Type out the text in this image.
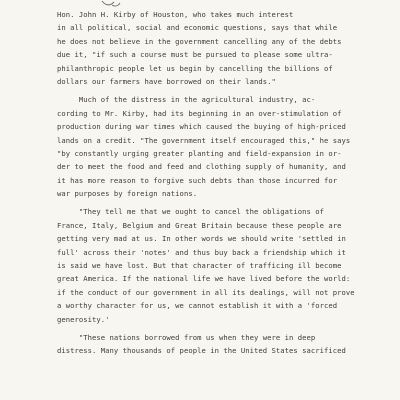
Hon. John H. Kirby of Houston, who takes much interest
in all political, social and economic questions, says that while
he does not believe in the government cancelling any of the debts
due it, "if such a course must be pursued to please some ultra-
philanthropic people let us begin by cancelling the billions of
dollars our farmers have borrowed on their lands."
Much of the distress in the agricultural industry, ac-
cording to Mr. Kirby, had its beginning in an over-stimulation of
production during war times which caused the buying of high-priced
lands on a credit. "The government itself encouraged this," he says
"by constantly urging greater planting and field-expansion in or-
der to meet the food and feed and clothing supply of humanity, and
it has more reason to forgive such debts than those incurred for
war purposes by foreign nations.
"They tell me that we ought to cancel the obligations of
France, Italy, Belgium and Great Britain because these people are
getting very mad at us. In other words we should write 'settled in
full' across their 'notes' and thus buy back a friendship which it
is said we have lost. But that character of trafficing ill become
great America. If the national life we have lived before the world:
if the conduct of our government in all its dealings, will not prove
a worthy character for us, we cannot establish it with a 'forced
generosity.'
"These nations borrowed from us when they were in deep
distress. Many thousands of people in the United States sacrificed
